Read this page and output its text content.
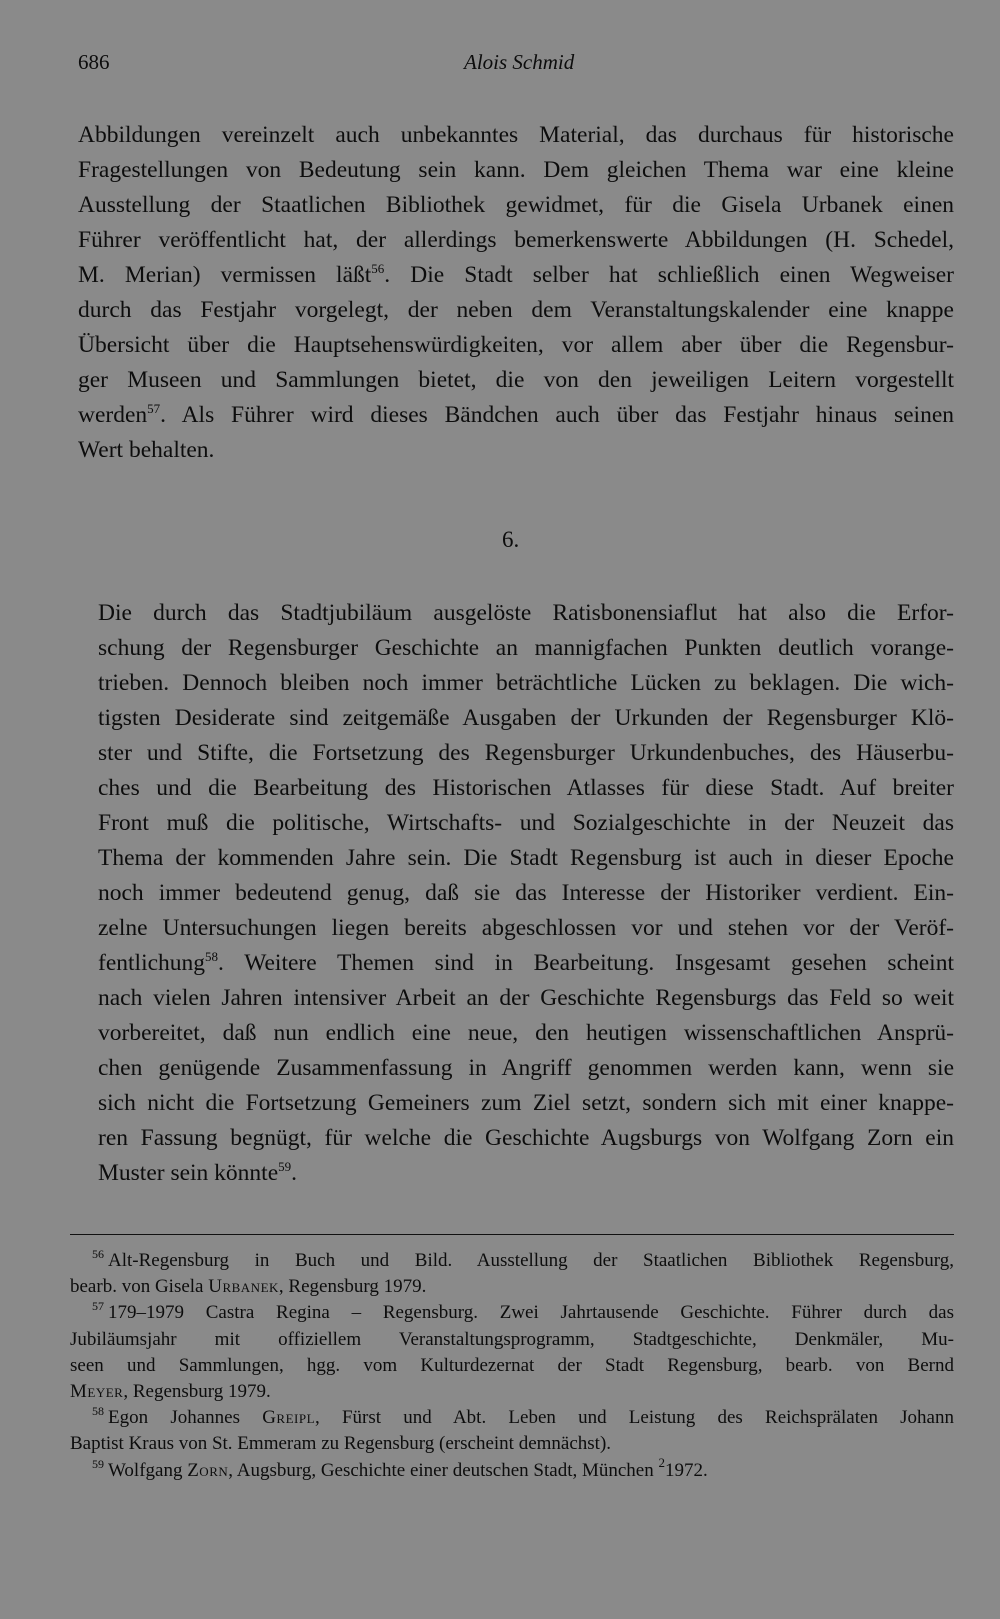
686	Alois Schmid
Abbildungen vereinzelt auch unbekanntes Material, das durchaus für historische
Fragestellungen von Bedeutung sein kann. Dem gleichen Thema war eine kleine
Ausstellung der Staatlichen Bibliothek gewidmet, für die Gisela Urbanek einen
Führer veröffentlicht hat, der allerdings bemerkenswerte Abbildungen (H. Schedel,
M. Merian) vermissen läßt$^{56}$. Die Stadt selber hat schließlich einen Wegweiser
durch das Festjahr vorgelegt, der neben dem Veranstaltungskalender eine knappe
Übersicht über die Hauptsehenswürdigkeiten, vor allem aber über die Regensbur-
ger Museen und Sammlungen bietet, die von den jeweiligen Leitern vorgestellt
werden$^{57}$. Als Führer wird dieses Bändchen auch über das Festjahr hinaus seinen
Wert behalten.
6.
Die durch das Stadtjubiläum ausgelöste Ratisbonensiaflut hat also die Erfor-
schung der Regensburger Geschichte an mannigfachen Punkten deutlich vorange-
trieben. Dennoch bleiben noch immer beträchtliche Lücken zu beklagen. Die wich-
tigsten Desiderate sind zeitgemäße Ausgaben der Urkunden der Regensburger Klö-
ster und Stifte, die Fortsetzung des Regensburger Urkundenbuches, des Häuserbu-
ches und die Bearbeitung des Historischen Atlasses für diese Stadt. Auf breiter
Front muß die politische, Wirtschafts- und Sozialgeschichte in der Neuzeit das
Thema der kommenden Jahre sein. Die Stadt Regensburg ist auch in dieser Epoche
noch immer bedeutend genug, daß sie das Interesse der Historiker verdient. Ein-
zelne Untersuchungen liegen bereits abgeschlossen vor und stehen vor der Veröf-
fentlichung$^{58}$. Weitere Themen sind in Bearbeitung. Insgesamt gesehen scheint
nach vielen Jahren intensiver Arbeit an der Geschichte Regensburgs das Feld so weit
vorbereitet, daß nun endlich eine neue, den heutigen wissenschaftlichen Ansprü-
chen genügende Zusammenfassung in Angriff genommen werden kann, wenn sie
sich nicht die Fortsetzung Gemeiners zum Ziel setzt, sondern sich mit einer knappe-
ren Fassung begnügt, für welche die Geschichte Augsburgs von Wolfgang Zorn ein
Muster sein könnte$^{59}$.
$^{56}$ Alt-Regensburg in Buch und Bild. Ausstellung der Staatlichen Bibliothek Regensburg,
bearb. von Gisela Urbanek, Regensburg 1979.
$^{57}$ 179–1979 Castra Regina – Regensburg. Zwei Jahrtausende Geschichte. Führer durch das
Jubiläumsjahr mit offiziellem Veranstaltungsprogramm, Stadtgeschichte, Denkmäler, Mu-
seen und Sammlungen, hgg. vom Kulturdezernat der Stadt Regensburg, bearb. von Bernd
Meyer, Regensburg 1979.
$^{58}$ Egon Johannes Greipl, Fürst und Abt. Leben und Leistung des Reichsprälaten Johann
Baptist Kraus von St. Emmeram zu Regensburg (erscheint demnächst).
$^{59}$ Wolfgang Zorn, Augsburg, Geschichte einer deutschen Stadt, München $^2$1972.
